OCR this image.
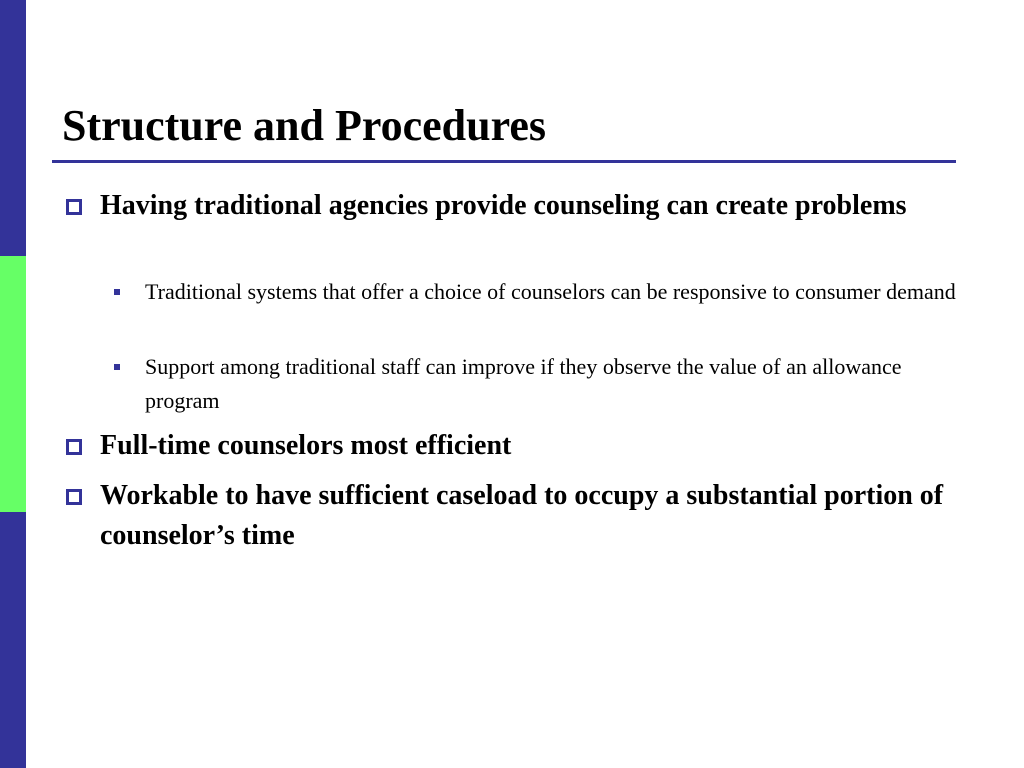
Structure and Procedures
Having traditional agencies provide counseling can create problems
Traditional systems that offer a choice of counselors can be responsive to consumer demand
Support among traditional staff can improve if they observe the value of an allowance program
Full-time counselors most efficient
Workable to have sufficient caseload to occupy a substantial portion of counselor’s time
